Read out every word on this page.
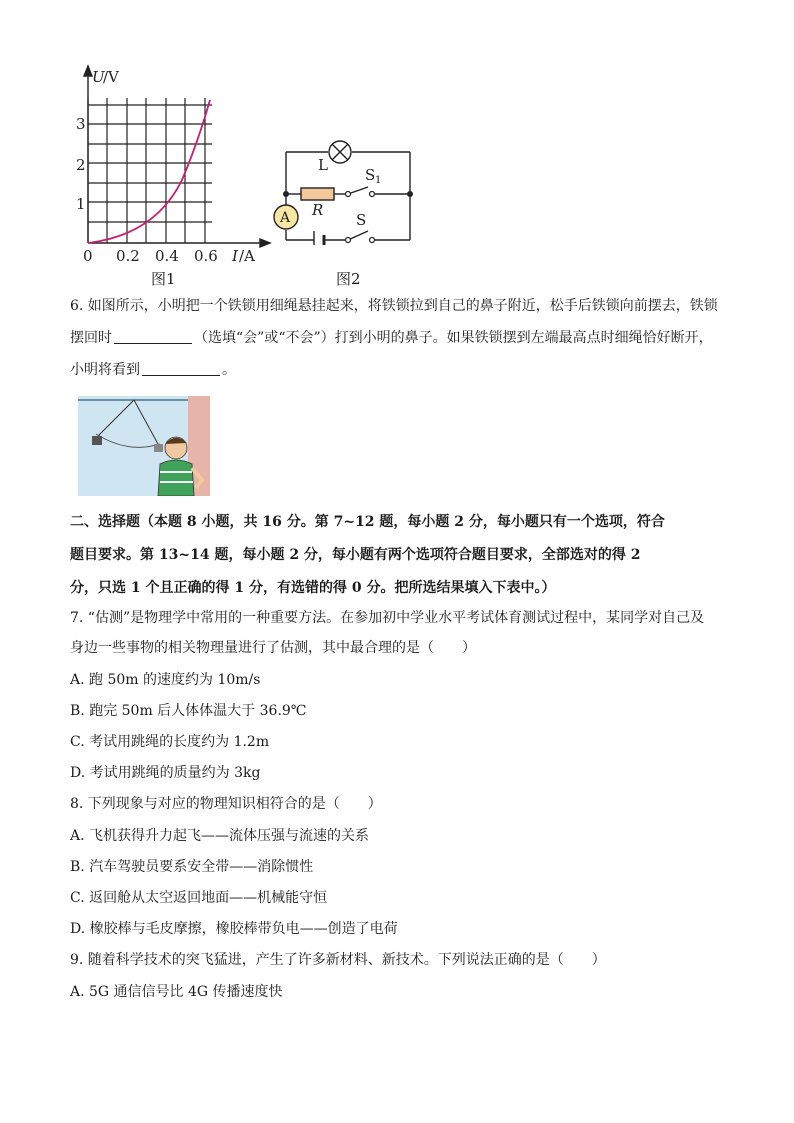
U
/V
1
2
3
0 0.2 0.4 0.6 I /A
图1
L
S 1
R
A	S
图2
6. 如图所示，小明把一个铁锁用细绳悬挂起来，将铁锁拉到自己的鼻子附近，松手后铁锁向前摆去，铁锁
摆回时	（选填“会”或“不会”）打到小明的鼻子。如果铁锁摆到左端最高点时细绳恰好断开，
小明将看到	。
二、选择题（本题 8 小题，共 16 分。第 7~12 题，每小题 2 分，每小题只有一个选项，符合
题目要求。第 13~14 题，每小题 2 分，每小题有两个选项符合题目要求，全部选对的得 2
分，只选 1 个且正确的得 1 分，有选错的得 0 分。把所选结果填入下表中。）
7. “估测”是物理学中常用的一种重要方法。在参加初中学业水平考试体育测试过程中，某同学对自己及
身边一些事物的相关物理量进行了估测，其中最合理的是（　　）
A. 跑 50m 的速度约为 10m/s
B. 跑完 50m 后人体体温大于 36.9℃
C. 考试用跳绳的长度约为 1.2m
D. 考试用跳绳的质量约为 3kg
8. 下列现象与对应的物理知识相符合的是（　　）
A. 飞机获得升力起飞——流体压强与流速的关系
B. 汽车驾驶员要系安全带——消除惯性
C. 返回舱从太空返回地面——机械能守恒
D. 橡胶棒与毛皮摩擦，橡胶棒带负电——创造了电荷
9. 随着科学技术的突飞猛进，产生了许多新材料、新技术。下列说法正确的是（　　）
A. 5G 通信信号比 4G 传播速度快
